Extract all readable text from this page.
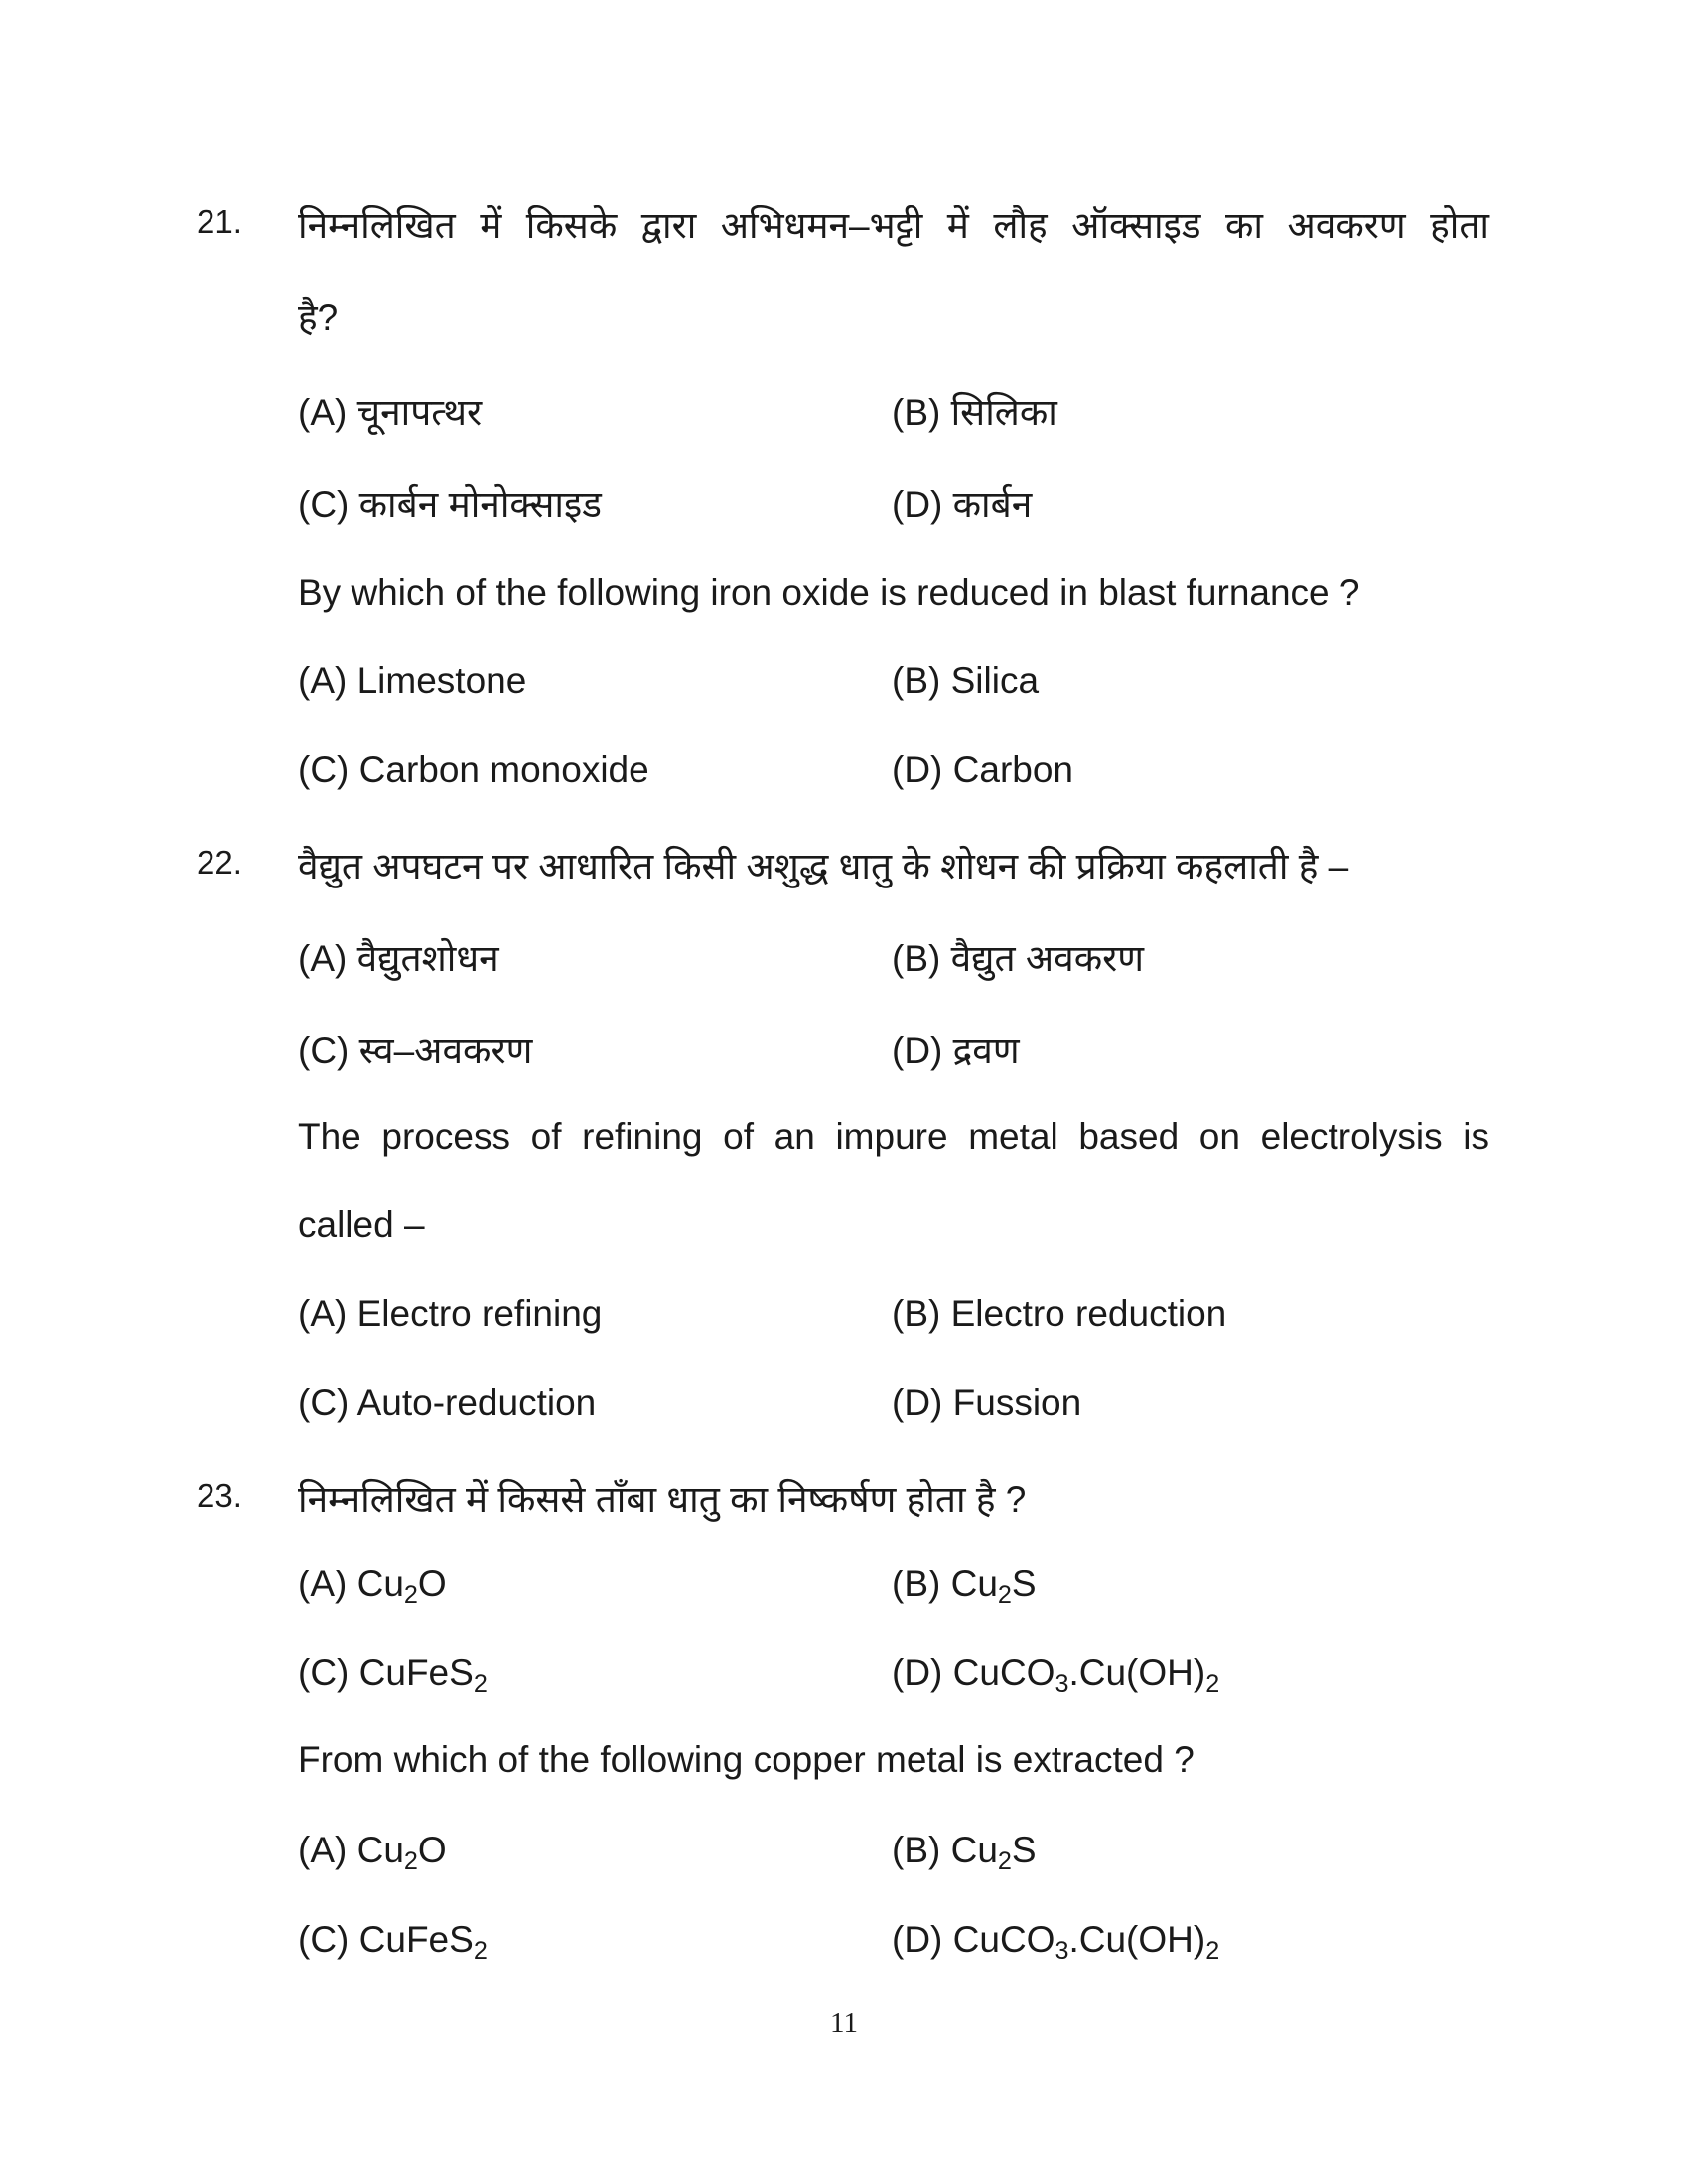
21. निम्नलिखित में किसके द्वारा अभिधमन–भट्टी में लौह ऑक्साइड का अवकरण होता
है?
(A) चूनापत्थर	(B) सिलिका
(C) कार्बन मोनोक्साइड	(D) कार्बन
By which of the following iron oxide is reduced in blast furnance ?
(A) Limestone	(B) Silica
(C) Carbon monoxide	(D) Carbon
22. वैद्युत अपघटन पर आधारित किसी अशुद्ध धातु के शोधन की प्रक्रिया कहलाती है –
(A) वैद्युतशोधन	(B) वैद्युत अवकरण
(C) स्व–अवकरण	(D) द्रवण
The process of refining of an impure metal based on electrolysis is
called –
(A) Electro refining	(B) Electro reduction
(C) Auto-reduction	(D) Fussion
23. निम्नलिखित में किससे ताँबा धातु का निष्कर्षण होता है ?
(A) $Cu_2O$	(B) $Cu_2S$
(C) CuFeS$_2$	(D) $CuCO_3.Cu(OH)_2$
From which of the following copper metal is extracted ?
(A) $Cu_2O$	(B) $Cu_2S$
(C) CuFeS$_2$	(D) $CuCO_3.Cu(OH)_2$
11
